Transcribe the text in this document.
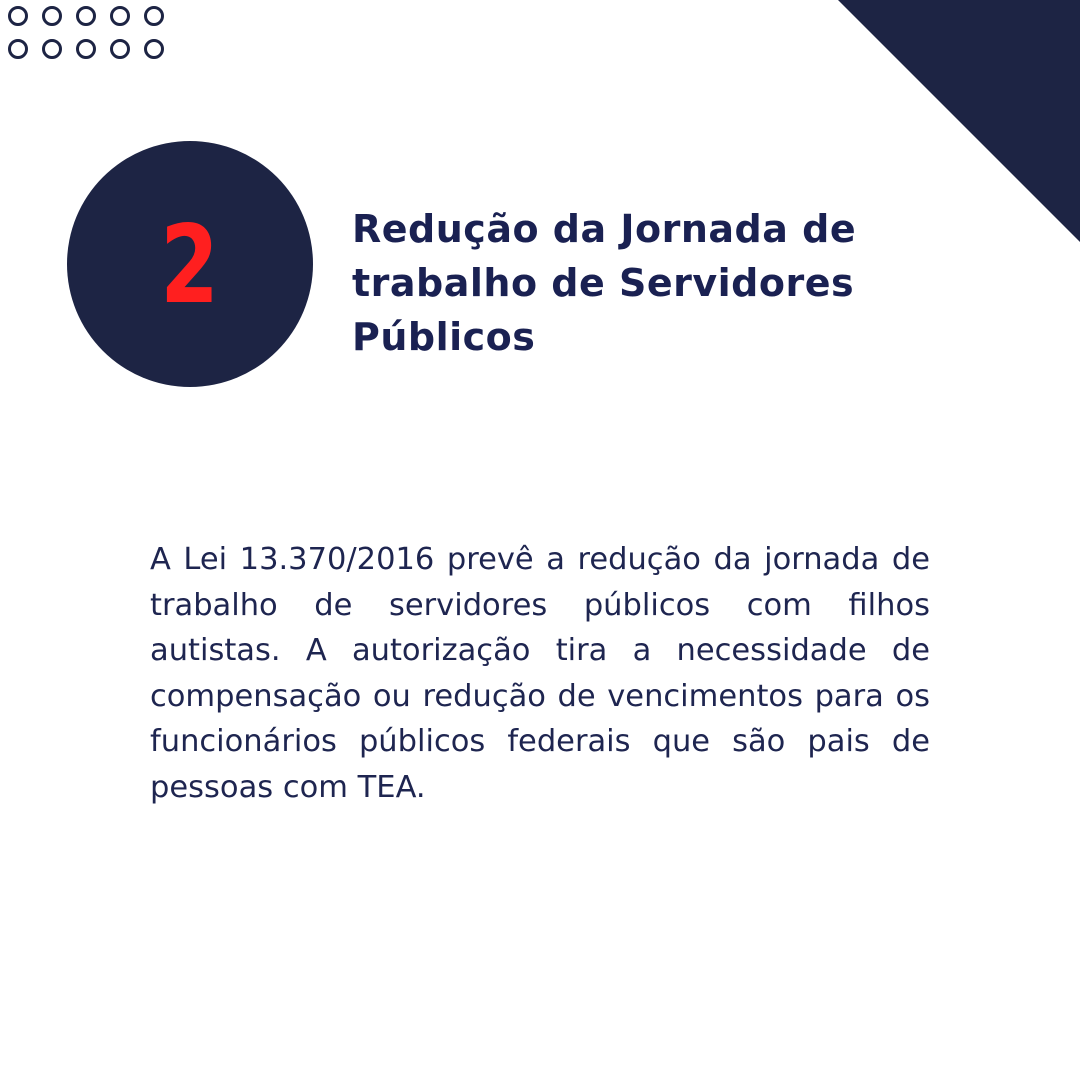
2	Redução da Jornada de
trabalho de Servidores
Públicos

A Lei 13.370/2016 prevê a redução da jornada de trabalho de servidores públicos com filhos autistas. A autorização tira a necessidade de compensação ou redução de vencimentos para os funcionários públicos federais que são pais de pessoas com TEA.
